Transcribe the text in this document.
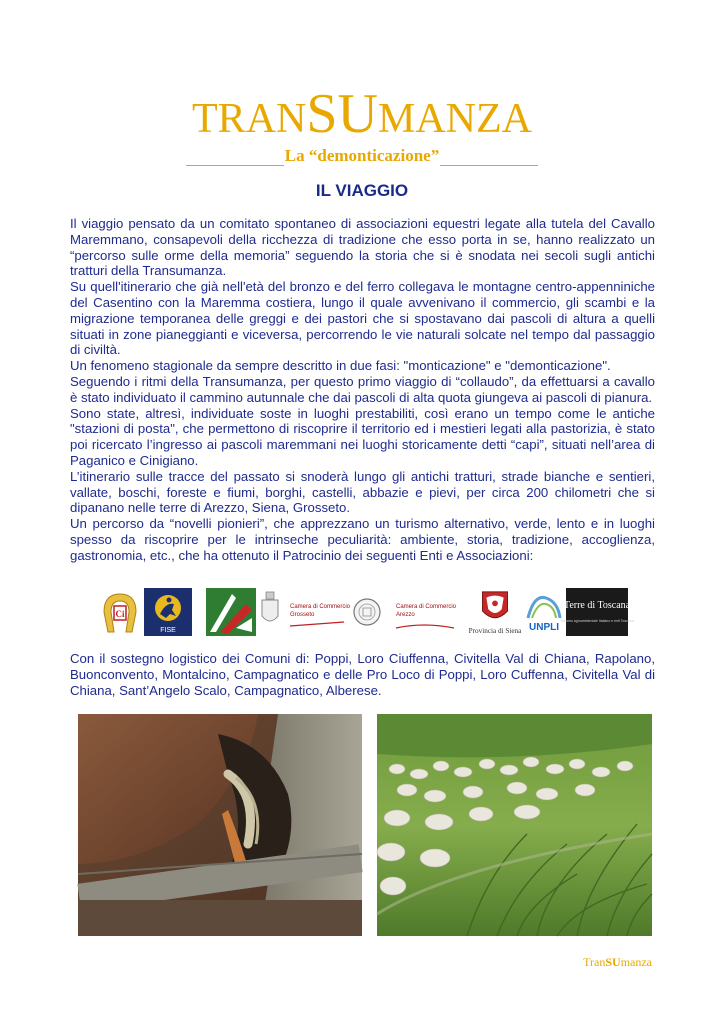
TRANSUMANZA
La “demonticazione”
IL VIAGGIO

Il viaggio pensato da un comitato spontaneo di associazioni equestri legate alla tutela del Cavallo Maremmano, consapevoli della ricchezza di tradizione che esso porta in se, hanno realizzato un “percorso sulle orme della memoria” seguendo la storia che si è snodata nei secoli sugli antichi tratturi della Transumanza.

Su quell'itinerario che già nell'età del bronzo e del ferro collegava le montagne centro-appenniniche del Casentino con la Maremma costiera, lungo il quale avvenivano il commercio, gli scambi e la migrazione temporanea delle greggi e dei pastori che si spostavano dai pascoli di altura a quelli situati in zone pianeggianti e viceversa, percorrendo le vie naturali solcate nel tempo dal passaggio di civiltà.

Un fenomeno stagionale da sempre descritto in due fasi: "monticazione" e "demonticazione".

Seguendo i ritmi della Transumanza, per questo primo viaggio di “collaudo”, da effettuarsi a cavallo è stato individuato il cammino autunnale che dai pascoli di alta quota giungeva ai pascoli di pianura.

Sono state, altresì, individuate soste in luoghi prestabiliti, così erano un tempo come le antiche "stazioni di posta", che permettono di riscoprire il territorio ed i mestieri legati alla pastorizia, è stato poi ricercato l’ingresso ai pascoli maremmani nei luoghi storicamente detti “capi”, situati nell’area di Paganico e Cinigiano.

L’itinerario sulle tracce del passato si snoderà lungo gli antichi tratturi, strade bianche e sentieri, vallate, boschi, foreste e fiumi, borghi, castelli, abbazie e pievi, per circa 200 chilometri che si dipanano nelle terre di Arezzo, Siena, Grosseto.

Un percorso da “novelli pionieri”, che apprezzano un turismo alternativo, verde, lento e in luoghi spesso da riscoprire per le intrinseche peculiarità: ambiente, storia, tradizione, accoglienza, gastronomia, etc., che ha ottenuto il Patrocinio dei seguenti Enti e Associazioni:

Ci
FISE
Camera di Commercio
Grosseto
Camera di Commercio
Arezzo
Provincia di Siena UNPLI
Terre di Toscana
Turismo agroambientale Italiano e enti Toscana
Con il sostegno logistico dei Comuni di: Poppi, Loro Ciuffenna, Civitella Val di Chiana, Rapolano, Buonconvento, Montalcino, Campagnatico e delle Pro Loco di Poppi, Loro Cuffenna, Civitella Val di Chiana, Sant’Angelo Scalo, Campagnatico, Alberese.
TranSUmanza
